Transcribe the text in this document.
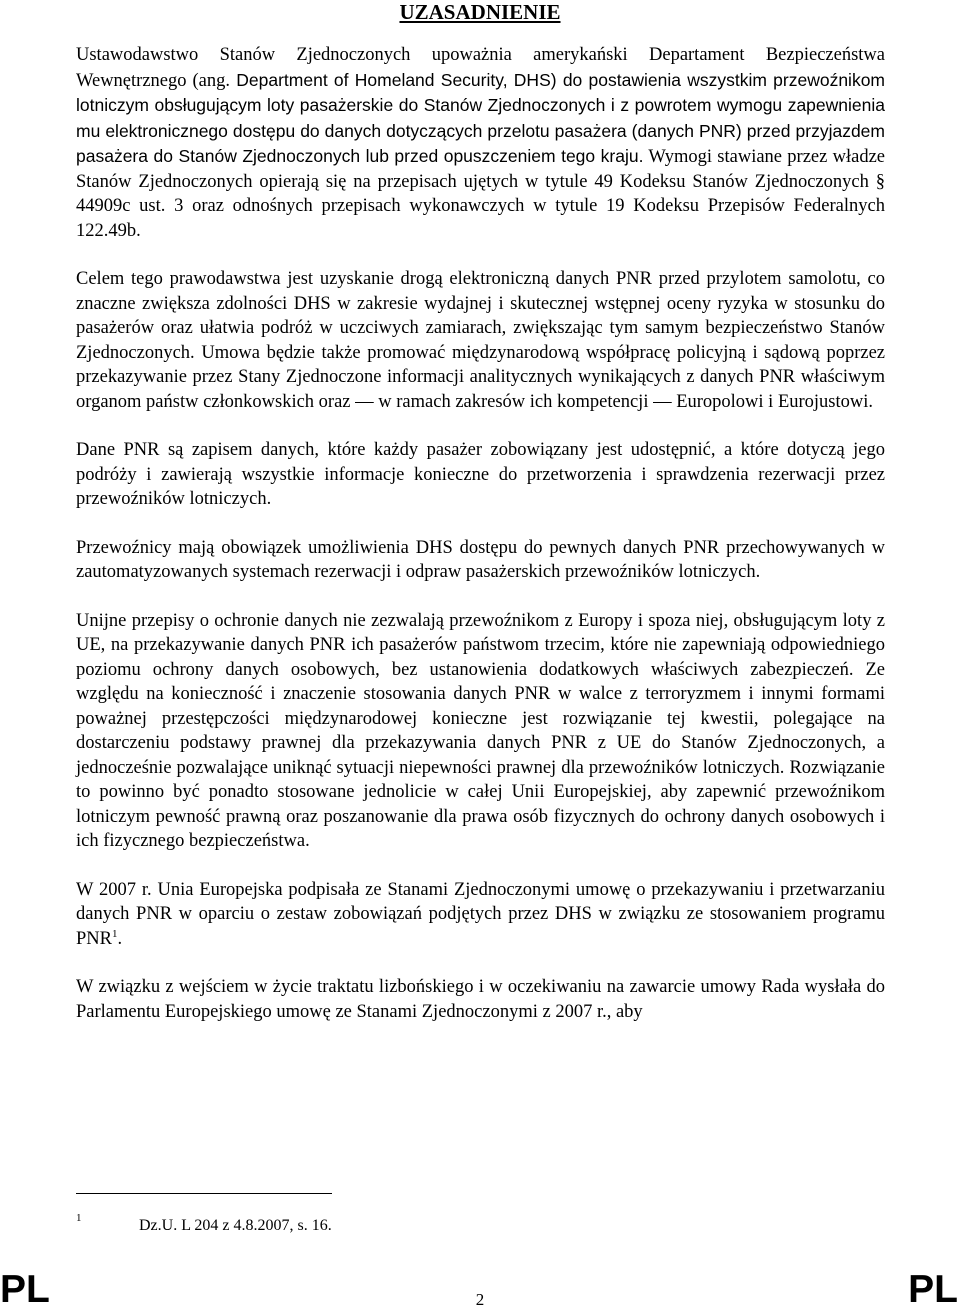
UZASADNIENIE

Ustawodawstwo Stanów Zjednoczonych upoważnia amerykański Departament Bezpieczeństwa Wewnętrznego (ang. Department of Homeland Security, DHS) do postawienia wszystkim przewoźnikom lotniczym obsługującym loty pasażerskie do Stanów Zjednoczonych i z powrotem wymogu zapewnienia mu elektronicznego dostępu do danych dotyczących przelotu pasażera (danych PNR) przed przyjazdem pasażera do Stanów Zjednoczonych lub przed opuszczeniem tego kraju. Wymogi stawiane przez władze Stanów Zjednoczonych opierają się na przepisach ujętych w tytule 49 Kodeksu Stanów Zjednoczonych § 44909c ust. 3 oraz odnośnych przepisach wykonawczych w tytule 19 Kodeksu Przepisów Federalnych 122.49b.

Celem tego prawodawstwa jest uzyskanie drogą elektroniczną danych PNR przed przylotem samolotu, co znaczne zwiększa zdolności DHS w zakresie wydajnej i skutecznej wstępnej oceny ryzyka w stosunku do pasażerów oraz ułatwia podróż w uczciwych zamiarach, zwiększając tym samym bezpieczeństwo Stanów Zjednoczonych. Umowa będzie także promować międzynarodową współpracę policyjną i sądową poprzez przekazywanie przez Stany Zjednoczone informacji analitycznych wynikających z danych PNR właściwym organom państw członkowskich oraz — w ramach zakresów ich kompetencji — Europolowi i Eurojustowi.

Dane PNR są zapisem danych, które każdy pasażer zobowiązany jest udostępnić, a które dotyczą jego podróży i zawierają wszystkie informacje konieczne do przetworzenia i sprawdzenia rezerwacji przez przewoźników lotniczych.

Przewoźnicy mają obowiązek umożliwienia DHS dostępu do pewnych danych PNR przechowywanych w zautomatyzowanych systemach rezerwacji i odpraw pasażerskich przewoźników lotniczych.

Unijne przepisy o ochronie danych nie zezwalają przewoźnikom z Europy i spoza niej, obsługującym loty z UE, na przekazywanie danych PNR ich pasażerów państwom trzecim, które nie zapewniają odpowiedniego poziomu ochrony danych osobowych, bez ustanowienia dodatkowych właściwych zabezpieczeń. Ze względu na konieczność i znaczenie stosowania danych PNR w walce z terroryzmem i innymi formami poważnej przestępczości międzynarodowej konieczne jest rozwiązanie tej kwestii, polegające na dostarczeniu podstawy prawnej dla przekazywania danych PNR z UE do Stanów Zjednoczonych, a jednocześnie pozwalające uniknąć sytuacji niepewności prawnej dla przewoźników lotniczych. Rozwiązanie to powinno być ponadto stosowane jednolicie w całej Unii Europejskiej, aby zapewnić przewoźnikom lotniczym pewność prawną oraz poszanowanie dla prawa osób fizycznych do ochrony danych osobowych i ich fizycznego bezpieczeństwa.

W 2007 r. Unia Europejska podpisała ze Stanami Zjednoczonymi umowę o przekazywaniu i przetwarzaniu danych PNR w oparciu o zestaw zobowiązań podjętych przez DHS w związku ze stosowaniem programu PNR$^1$.

W związku z wejściem w życie traktatu lizbońskiego i w oczekiwaniu na zawarcie umowy Rada wysłała do Parlamentu Europejskiego umowę ze Stanami Zjednoczonymi z 2007 r., aby

1	Dz.U. L 204 z 4.8.2007, s. 16.
PL	2	PL
